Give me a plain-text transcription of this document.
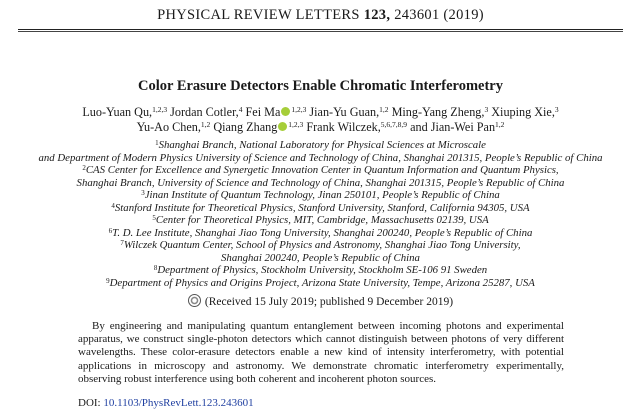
PHYSICAL REVIEW LETTERS 123, 243601 (2019)
Color Erasure Detectors Enable Chromatic Interferometry
Luo-Yuan Qu,$^{1,2,3}$ Jordan Cotler,$^4$ Fei Ma $^{1,2,3}$ Jian-Yu Guan,$^{1,2}$ Ming-Yang Zheng,$^3$ Xiuping Xie,$^3$
Yu-Ao Chen,$^{1,2}$ Qiang Zhang $^{1,2,3}$ Frank Wilczek,$^{5,6,7,8,9}$ and Jian-Wei Pan$^{1,2}$
$^1$Shanghai Branch, National Laboratory for Physical Sciences at Microscale
and Department of Modern Physics University of Science and Technology of China, Shanghai 201315, People’s Republic of China
$^2$CAS Center for Excellence and Synergetic Innovation Center in Quantum Information and Quantum Physics,
Shanghai Branch, University of Science and Technology of China, Shanghai 201315, People’s Republic of China
$^3$Jinan Institute of Quantum Technology, Jinan 250101, People’s Republic of China
$^4$Stanford Institute for Theoretical Physics, Stanford University, Stanford, California 94305, USA
$^5$Center for Theoretical Physics, MIT, Cambridge, Massachusetts 02139, USA
$^6$T. D. Lee Institute, Shanghai Jiao Tong University, Shanghai 200240, People’s Republic of China
$^7$Wilczek Quantum Center, School of Physics and Astronomy, Shanghai Jiao Tong University,
Shanghai 200240, People’s Republic of China
$^8$Department of Physics, Stockholm University, Stockholm SE-106 91 Sweden
$^9$Department of Physics and Origins Project, Arizona State University, Tempe, Arizona 25287, USA
(Received 15 July 2019; published 9 December 2019)
By engineering and manipulating quantum entanglement between incoming photons and experimental apparatus, we construct single-photon detectors which cannot distinguish between photons of very different wavelengths. These color-erasure detectors enable a new kind of intensity interferometry, with potential applications in microscopy and astronomy. We demonstrate chromatic interferometry experimentally, observing robust interference using both coherent and incoherent photon sources.
DOI: 10.1103/PhysRevLett.123.243601
